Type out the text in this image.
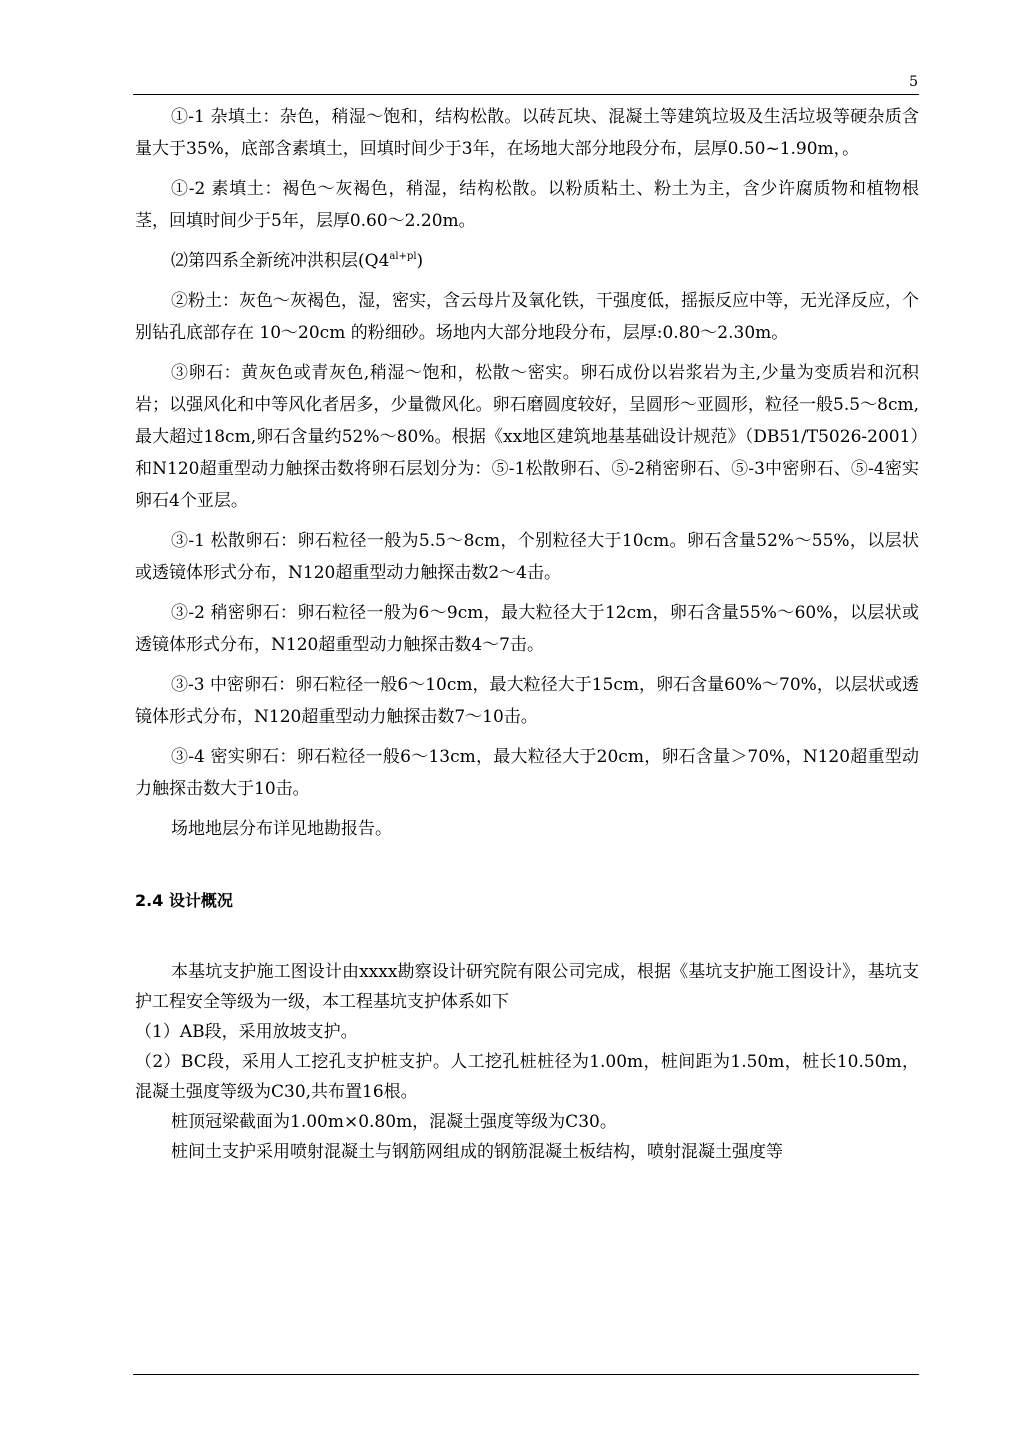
5

①-1 杂填土：杂色，稍湿～饱和，结构松散。以砖瓦块、混凝土等建筑垃圾及生活垃圾等硬杂质含量大于35%，底部含素填土，回填时间少于3年，在场地大部分地段分布，层厚0.50~1.90m，。

①-2 素填土：褐色～灰褐色，稍湿，结构松散。以粉质粘土、粉土为主，含少许腐质物和植物根茎，回填时间少于5年，层厚0.60～2.20m。

⑵第四系全新统冲洪积层$(Q4^{al+pl})$

②粉土：灰色～灰褐色，湿，密实，含云母片及氧化铁，干强度低，摇振反应中等，无光泽反应，个别钻孔底部存在 10～20cm 的粉细砂。场地内大部分地段分布，层厚:0.80～2.30m。

③卵石：黄灰色或青灰色,稍湿～饱和，松散～密实。卵石成份以岩浆岩为主,少量为变质岩和沉积岩；以强风化和中等风化者居多，少量微风化。卵石磨圆度较好，呈圆形～亚圆形，粒径一般5.5～8cm,最大超过18cm,卵石含量约52%～80%。根据《xx地区建筑地基基础设计规范》（DB51/T5026-2001）和N120超重型动力触探击数将卵石层划分为：⑤-1松散卵石、⑤-2稍密卵石、⑤-3中密卵石、⑤-4密实卵石4个亚层。

③-1 松散卵石：卵石粒径一般为5.5～8cm，个别粒径大于10cm。卵石含量52%～55%，以层状或透镜体形式分布，N120超重型动力触探击数2～4击。

③-2 稍密卵石：卵石粒径一般为6～9cm，最大粒径大于12cm，卵石含量55%～60%，以层状或透镜体形式分布，N120超重型动力触探击数4～7击。

③-3 中密卵石：卵石粒径一般6～10cm，最大粒径大于15cm，卵石含量60%～70%，以层状或透镜体形式分布，N120超重型动力触探击数7～10击。

③-4 密实卵石：卵石粒径一般6～13cm，最大粒径大于20cm，卵石含量＞70%，N120超重型动力触探击数大于10击。

场地地层分布详见地勘报告。

2.4 设计概况

本基坑支护施工图设计由xxxx勘察设计研究院有限公司完成，根据《基坑支护施工图设计》，基坑支护工程安全等级为一级，本工程基坑支护体系如下

（1）AB段，采用放坡支护。

（2）BC段，采用人工挖孔支护桩支护。人工挖孔桩桩径为1.00m，桩间距为1.50m，桩长10.50m，混凝土强度等级为C30,共布置16根。

桩顶冠梁截面为1.00m×0.80m，混凝土强度等级为C30。

桩间土支护采用喷射混凝土与钢筋网组成的钢筋混凝土板结构，喷射混凝土强度等
